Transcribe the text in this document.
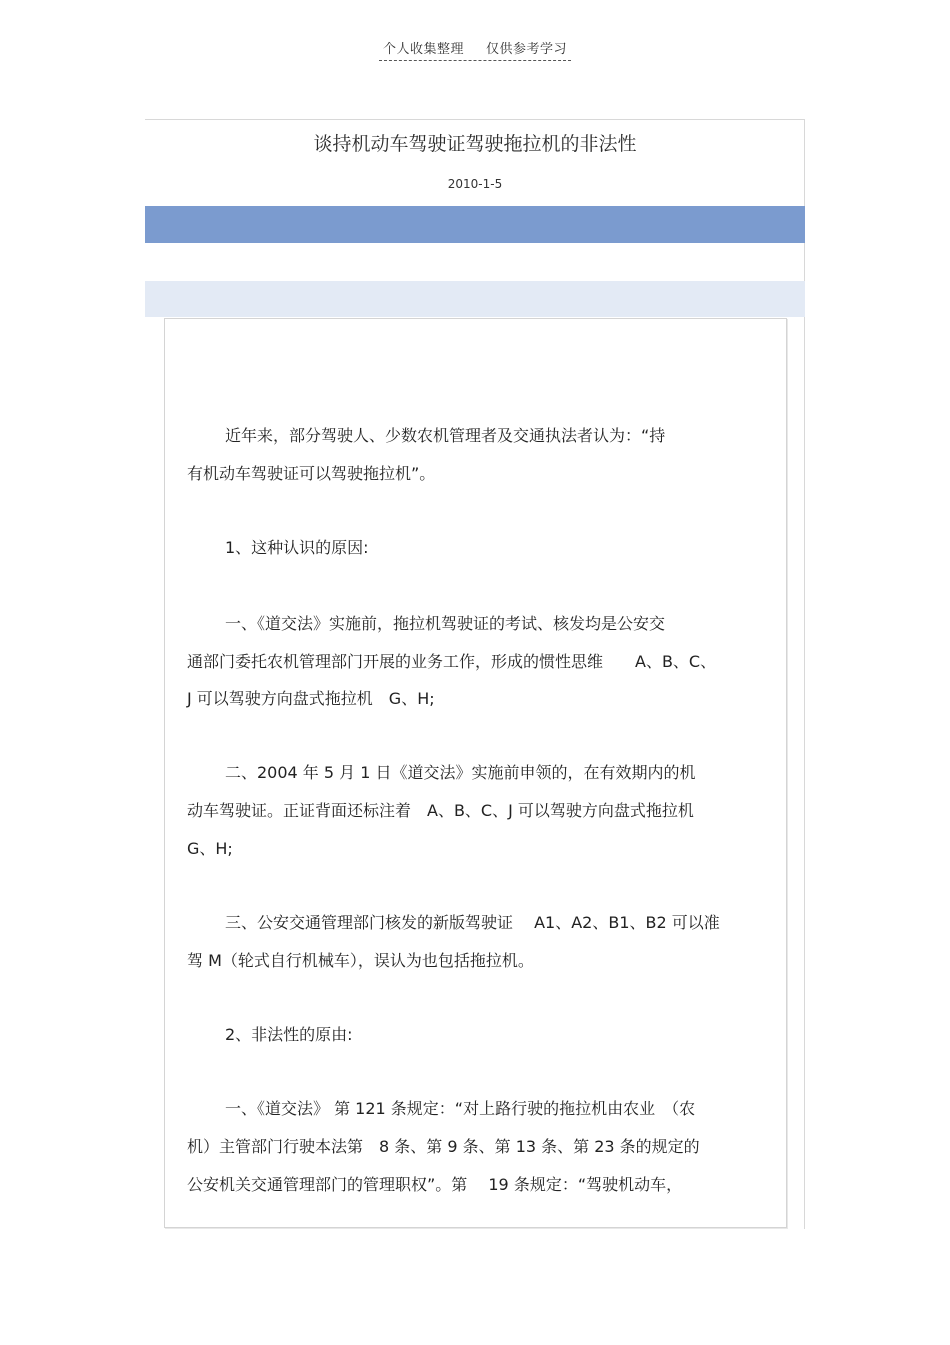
个人收集整理 仅供参考学习
谈持机动车驾驶证驾驶拖拉机的非法性
2010-1-5
近年来，部分驾驶人、少数农机管理者及交通执法者认为：“持
有机动车驾驶证可以驾驶拖拉机”。
1、这种认识的原因:
一、《道交法》实施前，拖拉机驾驶证的考试、核发均是公安交
通部门委托农机管理部门开展的业务工作，形成的惯性思维　　A、B、C、
J 可以驾驶方向盘式拖拉机　G、H;
二、2004 年 5 月 1 日《道交法》实施前申领的，在有效期内的机
动车驾驶证。正证背面还标注着　A、B、C、J 可以驾驶方向盘式拖拉机
G、H;
三、公安交通管理部门核发的新版驾驶证　 A1、A2、B1、B2 可以准
驾 M（轮式自行机械车），误认为也包括拖拉机。
2、非法性的原由:
一、《道交法》 第 121 条规定：“对上路行驶的拖拉机由农业　（农
机）主管部门行驶本法第　8 条、第 9 条、第 13 条、第 23 条的规定的
公安机关交通管理部门的管理职权”。第　 19 条规定：“驾驶机动车，
